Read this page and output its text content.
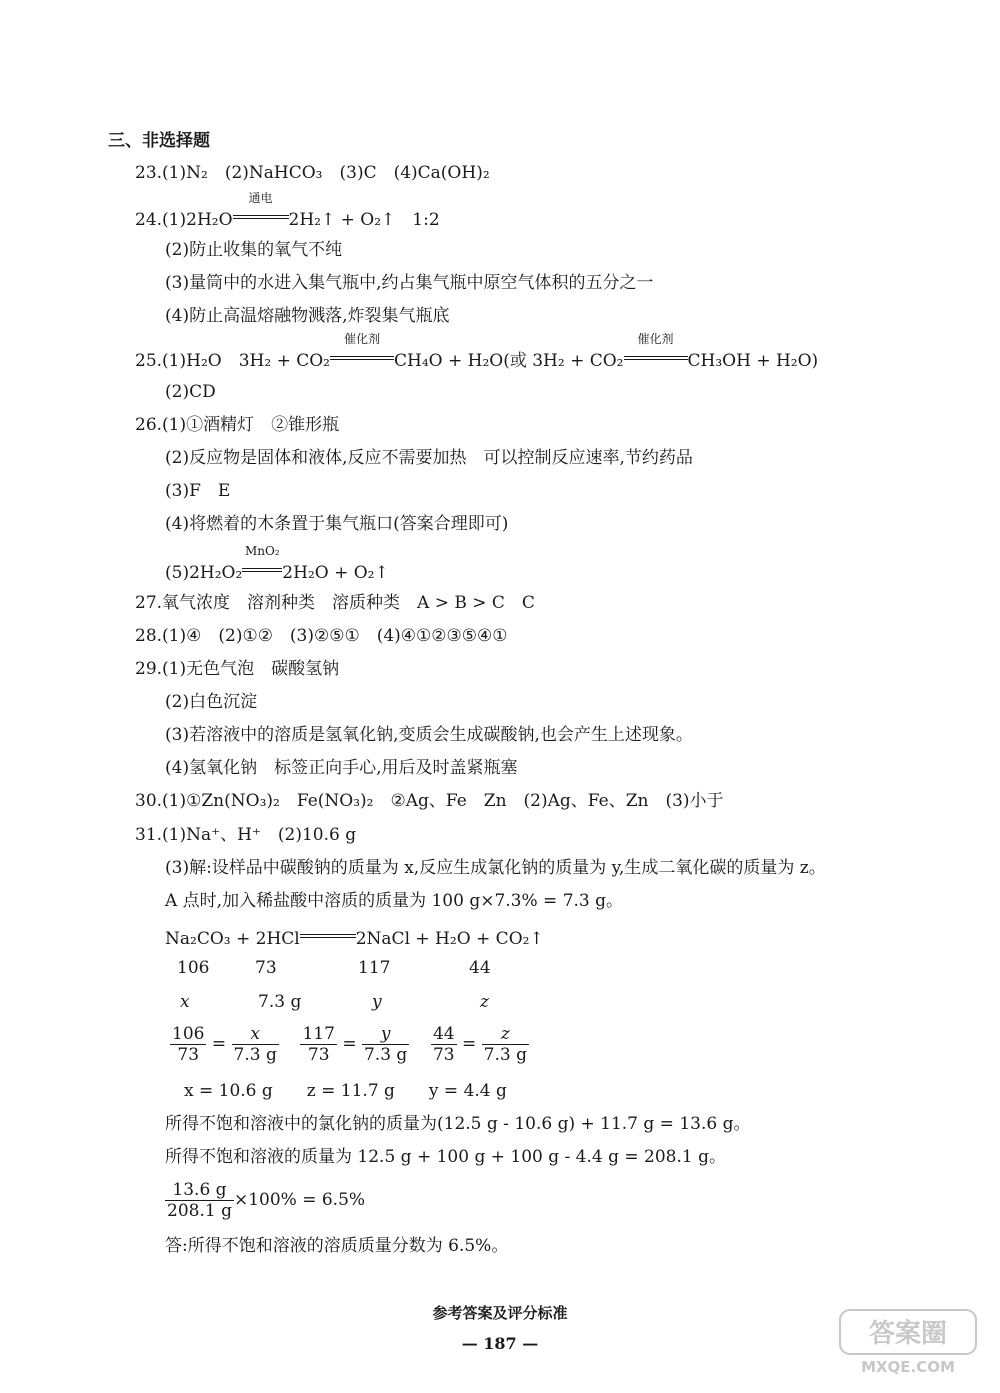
三、非选择题
23.(1)N₂　(2)NaHCO₃　(3)C　(4)Ca(OH)₂
24.(1)2H₂O
通电
2H₂↑ + O₂↑　1:2
(2)防止收集的氧气不纯
(3)量筒中的水进入集气瓶中,约占集气瓶中原空气体积的五分之一
(4)防止高温熔融物溅落,炸裂集气瓶底
25.(1)H₂O　3H₂ + CO₂
催化剂
CH₄O + H₂O(或 3H₂ + CO₂
催化剂
CH₃OH + H₂O)
(2)CD
26.(1)①酒精灯　②锥形瓶
(2)反应物是固体和液体,反应不需要加热　可以控制反应速率,节约药品
(3)F　E
(4)将燃着的木条置于集气瓶口(答案合理即可)
(5)2H₂O₂
MnO₂
2H₂O + O₂↑
27.氧气浓度　溶剂种类　溶质种类　A > B > C　C
28.(1)④　(2)①②　(3)②⑤①　(4)④①②③⑤④①
29.(1)无色气泡　碳酸氢钠
(2)白色沉淀
(3)若溶液中的溶质是氢氧化钠,变质会生成碳酸钠,也会产生上述现象。
(4)氢氧化钠　标签正向手心,用后及时盖紧瓶塞
30.(1)①Zn(NO₃)₂　Fe(NO₃)₂　②Ag、Fe　Zn　(2)Ag、Fe、Zn　(3)小于
31.(1)Na⁺、H⁺　(2)10.6 g
(3)解:设样品中碳酸钠的质量为 x,反应生成氯化钠的质量为 y,生成二氧化碳的质量为 z。
A 点时,加入稀盐酸中溶质的质量为 100 g×7.3% = 7.3 g。
Na₂CO₃ + 2HCl	2NaCl + H₂O + CO₂↑
106	73	117	44
x	7.3 g	y	z
$\frac{106}{73} = \frac{x}{7.3 g}$
$\frac{117}{73} = \frac{y}{7.3 g}$
$\frac{44}{73} = \frac{z}{7.3 g}$
x = 10.6 g　　z = 11.7 g　　y = 4.4 g
所得不饱和溶液中的氯化钠的质量为(12.5 g - 10.6 g) + 11.7 g = 13.6 g。
所得不饱和溶液的质量为 12.5 g + 100 g + 100 g - 4.4 g = 208.1 g。
$\frac{13.6 g}{208.1 g} \times 100\% = 6.5\%$
答:所得不饱和溶液的溶质质量分数为 6.5%。
参考答案及评分标准
— 187 —	答案圈
MXQE.COM
